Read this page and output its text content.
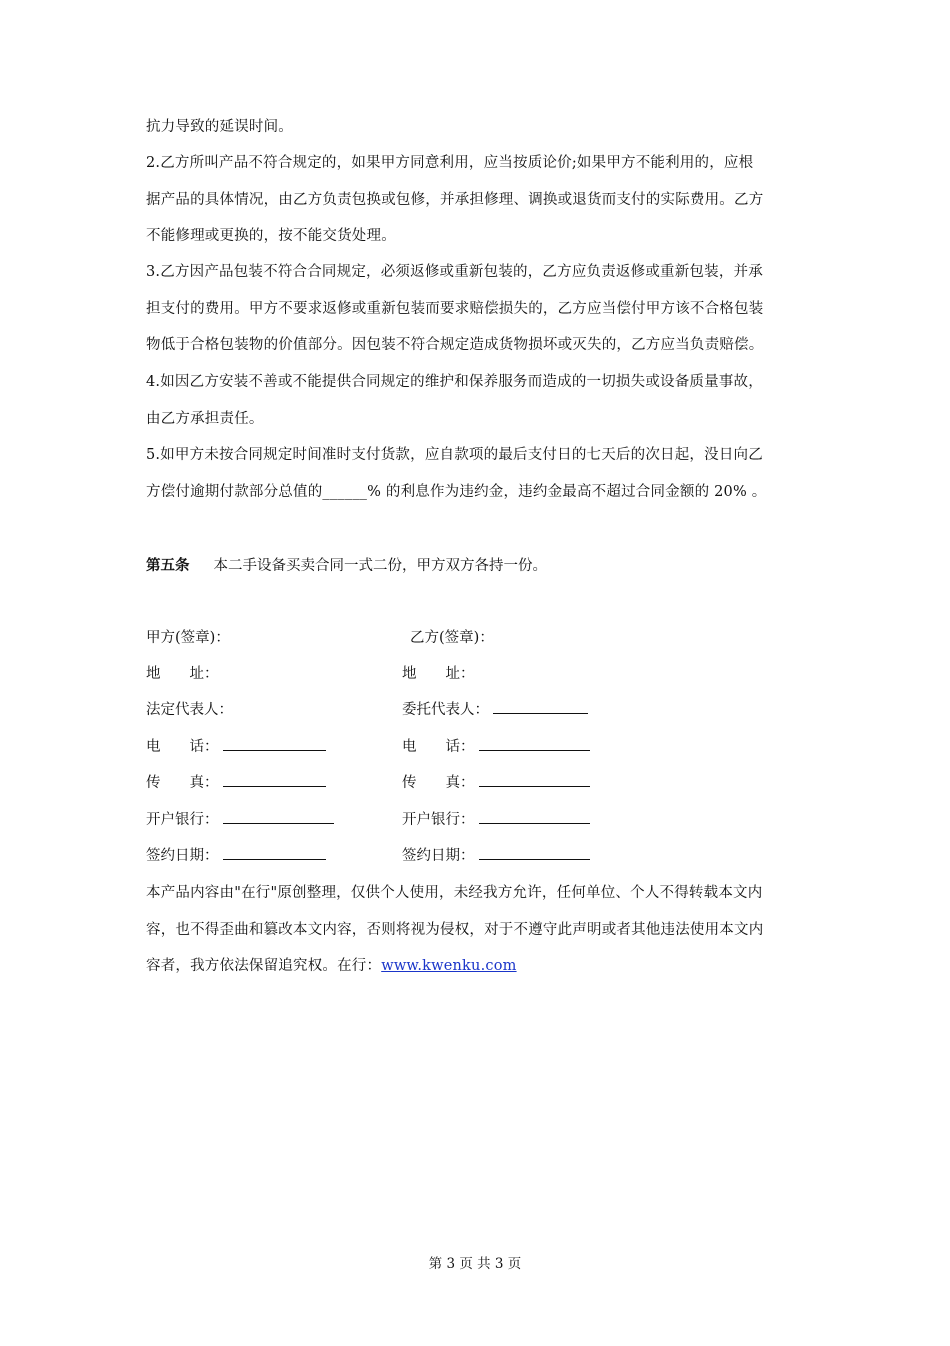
抗力导致的延误时间。
2.乙方所叫产品不符合规定的，如果甲方同意利用，应当按质论价;如果甲方不能利用的，应根
据产品的具体情况，由乙方负责包换或包修，并承担修理、调换或退货而支付的实际费用。乙方
不能修理或更换的，按不能交货处理。
3.乙方因产品包装不符合合同规定，必须返修或重新包装的，乙方应负责返修或重新包装，并承
担支付的费用。甲方不要求返修或重新包装而要求赔偿损失的，乙方应当偿付甲方该不合格包装
物低于合格包装物的价值部分。因包装不符合规定造成货物损坏或灭失的，乙方应当负责赔偿。
4.如因乙方安装不善或不能提供合同规定的维护和保养服务而造成的一切损失或设备质量事故，
由乙方承担责任。
5.如甲方未按合同规定时间准时支付货款，应自款项的最后支付日的七天后的次日起，没日向乙
方偿付逾期付款部分总值的______% 的利息作为违约金，违约金最高不超过合同金额的 20% 。
第五条 本二手设备买卖合同一式二份，甲方双方各持一份。
甲方(签章)：
地　　址：
法定代表人：
电　　话：
传　　真：
开户银行：
签约日期：
乙方(签章)：
地　　址：
委托代表人：
电　　话：
传　　真：
开户银行：
签约日期：
本产品内容由"在行"原创整理，仅供个人使用，未经我方允许，任何单位、个人不得转载本文内
容，也不得歪曲和篡改本文内容，否则将视为侵权，对于不遵守此声明或者其他违法使用本文内
容者，我方依法保留追究权。在行：www.kwenku.com
第 3 页 共 3 页
